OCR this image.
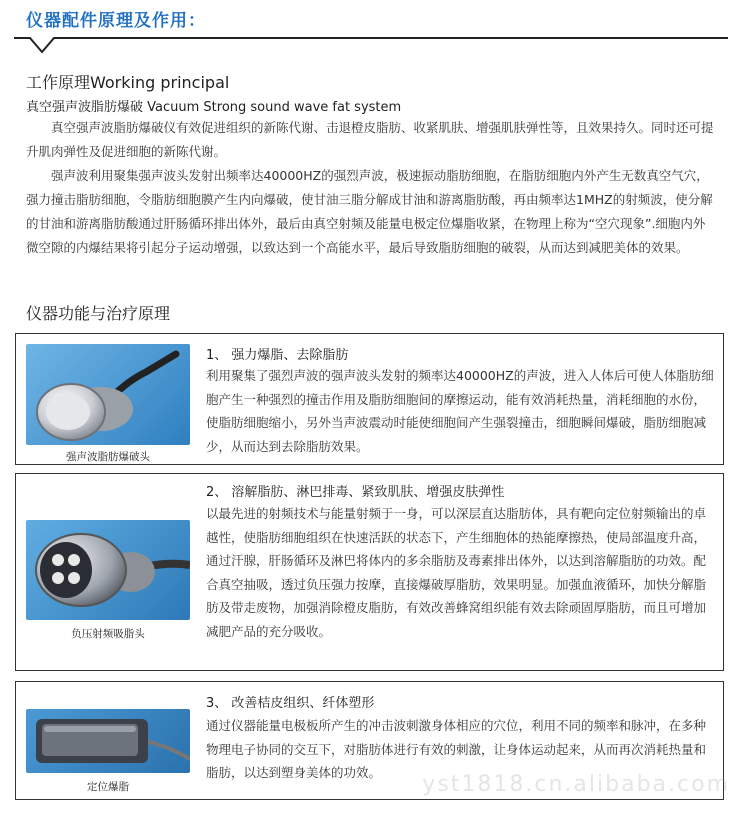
仪器配件原理及作用：
工作原理Working principal
真空强声波脂肪爆破 Vacuum Strong sound wave fat system

真空强声波脂肪爆破仪有效促进组织的新陈代谢、击退橙皮脂肪、收紧肌肤、增强肌肤弹性等，且效果持久。同时还可提升肌肉弹性及促进细胞的新陈代谢。

强声波利用聚集强声波头发射出频率达40000HZ的强烈声波，极速振动脂肪细胞，在脂肪细胞内外产生无数真空气穴，强力撞击脂肪细胞，令脂肪细胞膜产生内向爆破，使甘油三脂分解成甘油和游离脂肪酸，再由频率达1MHZ的射频波，使分解的甘油和游离脂肪酸通过肝肠循环排出体外，最后由真空射频及能量电极定位爆脂收紧，在物理上称为“空穴现象”.细胞内外微空隙的内爆结果将引起分子运动增强，以致达到一个高能水平，最后导致脂肪细胞的破裂，从而达到减肥美体的效果。

仪器功能与治疗原理
强声波脂肪爆破头
1、 强力爆脂、去除脂肪
利用聚集了强烈声波的强声波头发射的频率达40000HZ的声波，进入人体后可使人体脂肪细胞产生一种强烈的撞击作用及脂肪细胞间的摩擦运动，能有效消耗热量，消耗细胞的水份，使脂肪细胞缩小，另外当声波震动时能使细胞间产生强裂撞击，细胞瞬间爆破，脂肪细胞减少，从而达到去除脂肪效果。
负压射频吸脂头
2、 溶解脂肪、淋巴排毒、紧致肌肤、增强皮肤弹性
以最先进的射频技术与能量射频于一身，可以深层直达脂肪体，具有靶向定位射频输出的卓越性，使脂肪细胞组织在快速活跃的状态下，产生细胞体的热能摩擦热，使局部温度升高，通过汗腺，肝肠循环及淋巴将体内的多余脂肪及毒素排出体外，以达到溶解脂肪的功效。配合真空抽吸，透过负压强力按摩，直接爆破厚脂肪，效果明显。加强血液循环，加快分解脂肪及带走废物，加强消除橙皮脂肪，有效改善蜂窝组织能有效去除顽固厚脂肪，而且可增加减肥产品的充分吸收。
定位爆脂
3、 改善桔皮组织、纤体塑形
通过仪器能量电极板所产生的冲击波刺激身体相应的穴位，利用不同的频率和脉冲，在多种物理电子协同的交互下，对脂肪体进行有效的刺激，让身体运动起来，从而再次消耗热量和脂肪，以达到塑身美体的功效。	yst1818.cn.alibaba.com
